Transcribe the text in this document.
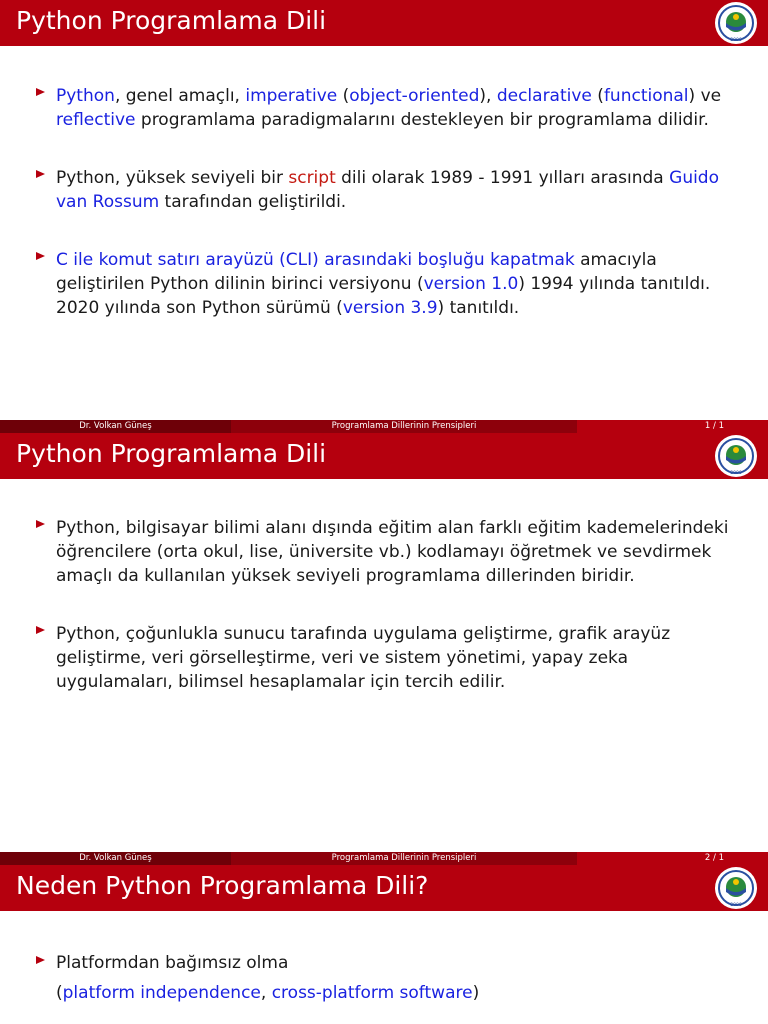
Python Programlama Dili
2006
Python, genel amaçlı, imperative (object-oriented), declarative (functional) ve reflective programlama paradigmalarını destekleyen bir programlama dilidir.
Python, yüksek seviyeli bir script dili olarak 1989 - 1991 yılları arasında Guido van Rossum tarafından geliştirildi.
C ile komut satırı arayüzü (CLI) arasındaki boşluğu kapatmak amacıyla geliştirilen Python dilinin birinci versiyonu (version 1.0) 1994 yılında tanıtıldı. 2020 yılında son Python sürümü (version 3.9) tanıtıldı.
Dr. Volkan Güneş	Programlama Dillerinin Prensipleri	1 / 1
Python Programlama Dili
2006
Python, bilgisayar bilimi alanı dışında eğitim alan farklı eğitim kademelerindeki öğrencilere (orta okul, lise, üniversite vb.) kodlamayı öğretmek ve sevdirmek amaçlı da kullanılan yüksek seviyeli programlama dillerinden biridir.
Python, çoğunlukla sunucu tarafında uygulama geliştirme, grafik arayüz geliştirme, veri görselleştirme, veri ve sistem yönetimi, yapay zeka uygulamaları, bilimsel hesaplamalar için tercih edilir.
Dr. Volkan Güneş	Programlama Dillerinin Prensipleri	2 / 1
Neden Python Programlama Dili?
2006
Platformdan bağımsız olma
(platform independence, cross-platform software)
